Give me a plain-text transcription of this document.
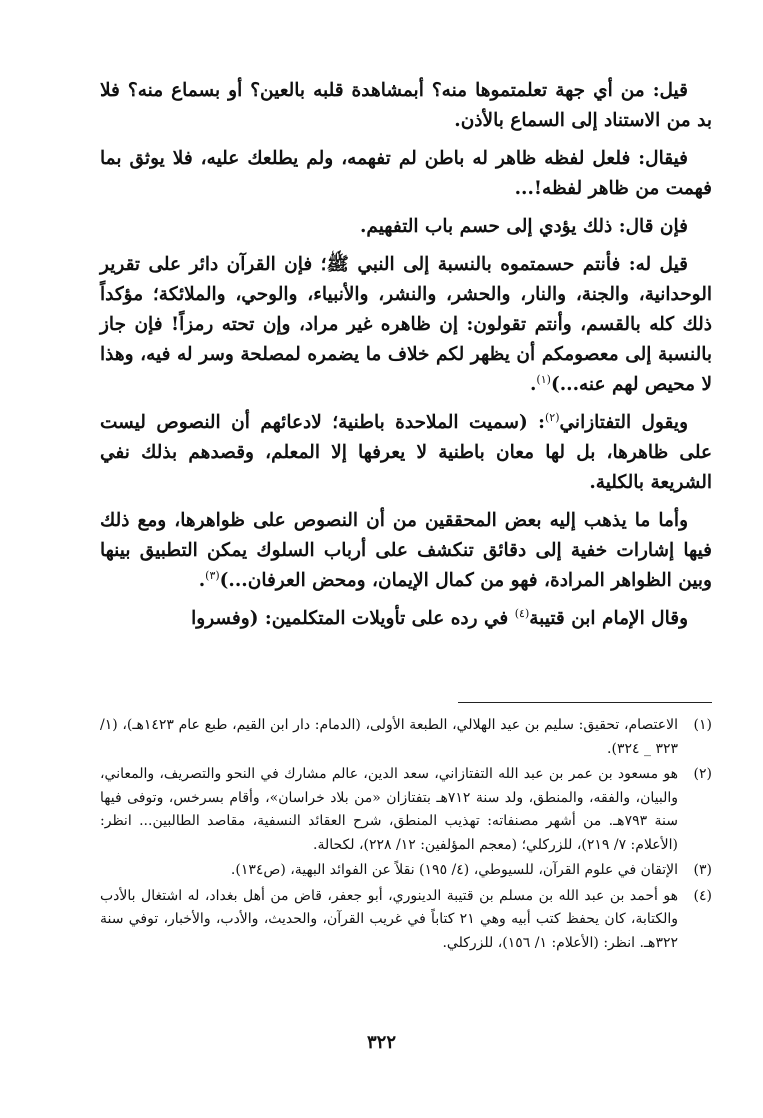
قيل: من أي جهة تعلمتموها منه؟ أبمشاهدة قلبه بالعين؟ أو بسماع منه؟ فلا بد من الاستناد إلى السماع بالأذن.

فيقال: فلعل لفظه ظاهر له باطن لم تفهمه، ولم يطلعك عليه، فلا يوثق بما فهمت من ظاهر لفظه!...

فإن قال: ذلك يؤدي إلى حسم باب التفهيم.

قيل له: فأنتم حسمتموه بالنسبة إلى النبي ﷺ؛ فإن القرآن دائر على تقرير الوحدانية، والجنة، والنار، والحشر، والنشر، والأنبياء، والوحي، والملائكة؛ مؤكداً ذلك كله بالقسم، وأنتم تقولون: إن ظاهره غير مراد، وإن تحته رمزاً! فإن جاز بالنسبة إلى معصومكم أن يظهر لكم خلاف ما يضمره لمصلحة وسر له فيه، وهذا لا محيص لهم عنه...)$^{(١)}$.

ويقول التفتازاني$^{(٢)}$: (سميت الملاحدة باطنية؛ لادعائهم أن النصوص ليست على ظاهرها، بل لها معان باطنية لا يعرفها إلا المعلم، وقصدهم بذلك نفي الشريعة بالكلية.

وأما ما يذهب إليه بعض المحققين من أن النصوص على ظواهرها، ومع ذلك فيها إشارات خفية إلى دقائق تنكشف على أرباب السلوك يمكن التطبيق بينها وبين الظواهر المرادة، فهو من كمال الإيمان، ومحض العرفان...)$^{(٣)}$.

وقال الإمام ابن قتيبة$^{(٤)}$ في رده على تأويلات المتكلمين: (وفسروا

(١)
الاعتصام، تحقيق: سليم بن عيد الهلالي، الطبعة الأولى، (الدمام: دار ابن القيم، طبع عام ١٤٢٣هـ)، (١/ ٣٢٣ _ ٣٢٤).
(٢)
هو مسعود بن عمر بن عبد الله التفتازاني، سعد الدين، عالم مشارك في النحو والتصريف، والمعاني، والبيان، والفقه، والمنطق، ولد سنة ٧١٢هـ بتفتازان «من بلاد خراسان»، وأقام بسرخس، وتوفى فيها سنة ٧٩٣هـ. من أشهر مصنفاته: تهذيب المنطق، شرح العقائد النسفية، مقاصد الطالبين... انظر: (الأعلام: ٧/ ٢١٩)، للزركلي؛ (معجم المؤلفين: ١٢/ ٢٢٨)، لكحالة.
(٣)
الإتقان في علوم القرآن، للسيوطي، (٤/ ١٩٥) نقلاً عن الفوائد البهية، (ص١٣٤).
(٤)
هو أحمد بن عبد الله بن مسلم بن قتيبة الدينوري، أبو جعفر، قاض من أهل بغداد، له اشتغال بالأدب والكتابة، كان يحفظ كتب أبيه وهي ٢١ كتاباً في غريب القرآن، والحديث، والأدب، والأخبار، توفي سنة ٣٢٢هـ. انظر: (الأعلام: ١/ ١٥٦)، للزركلي.
٣٢٢
